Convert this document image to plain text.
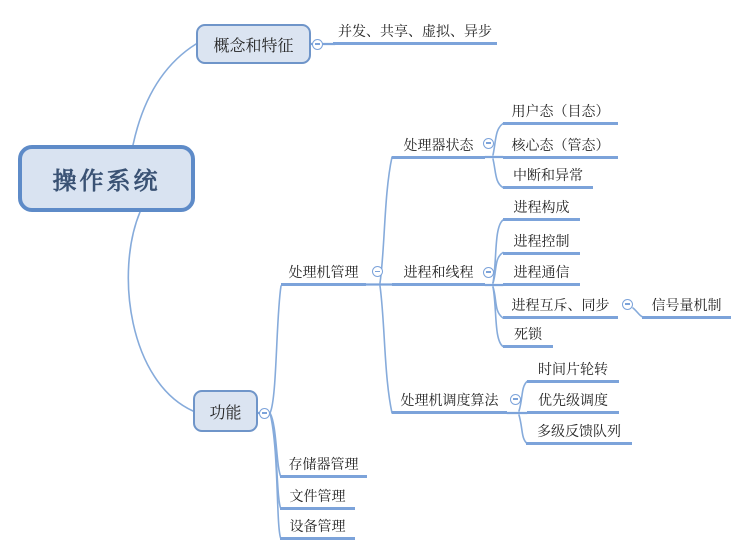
操作系统
概念和特征
功能
并发、共享、虚拟、异步
处理机管理
存储器管理
文件管理
设备管理
处理器状态
进程和线程
处理机调度算法
用户态（目态）
核心态（管态）
中断和异常
进程构成
进程控制
进程通信
进程互斥、同步	信号量机制
死锁
时间片轮转
优先级调度
多级反馈队列
